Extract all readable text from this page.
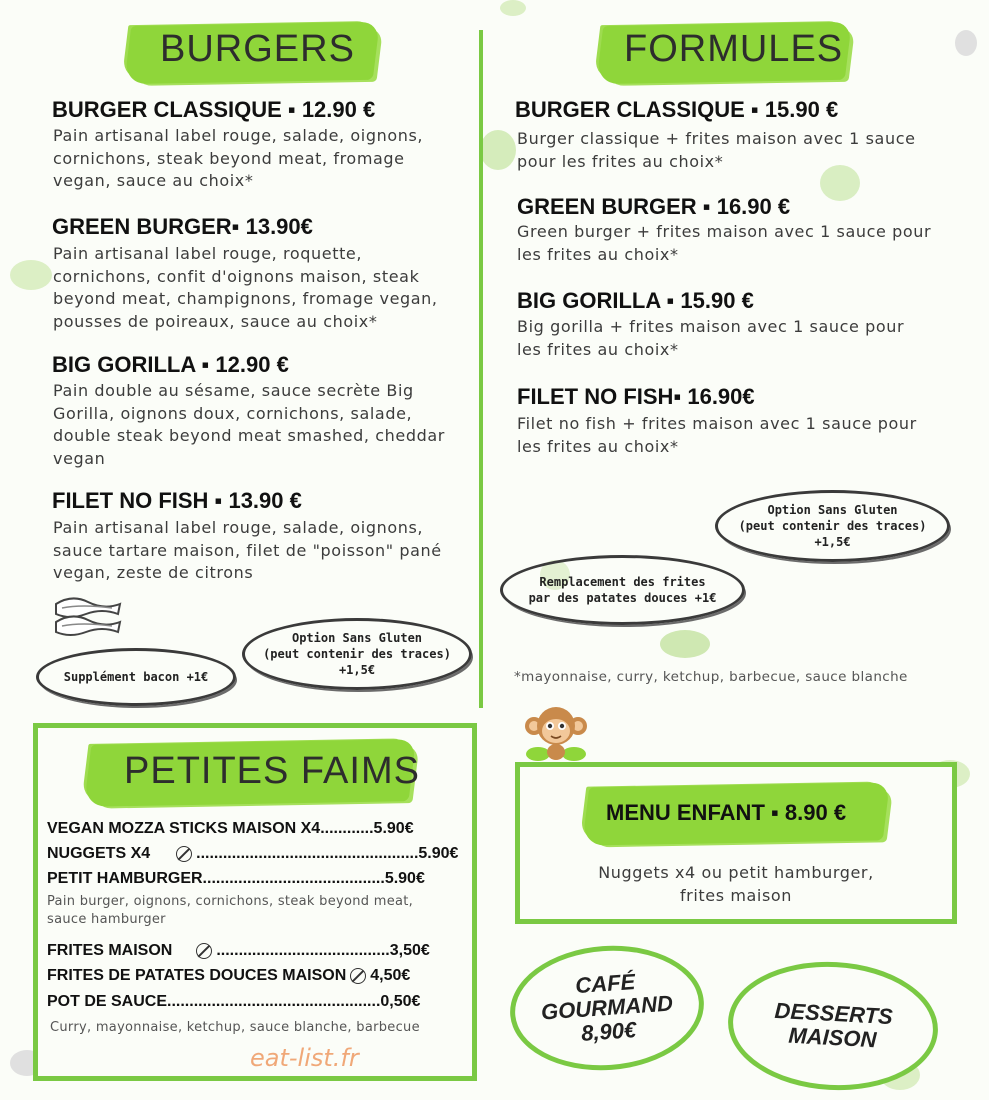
BURGERS
BURGER CLASSIQUE ▪ 12.90 €
Pain artisanal label rouge, salade, oignons,
cornichons, steak beyond meat, fromage
vegan, sauce au choix*
GREEN BURGER▪ 13.90€
Pain artisanal label rouge, roquette,
cornichons, confit d'oignons maison, steak
beyond meat, champignons, fromage vegan,
pousses de poireaux, sauce au choix*
BIG GORILLA ▪ 12.90 €
Pain double au sésame, sauce secrète Big
Gorilla, oignons doux, cornichons, salade,
double steak beyond meat smashed, cheddar
vegan
FILET NO FISH ▪ 13.90 €
Pain artisanal label rouge, salade, oignons,
sauce tartare maison, filet de "poisson" pané
vegan, zeste de citrons
Supplément bacon +1€
Option Sans Gluten
(peut contenir des traces)
+1,5€
FORMULES
BURGER CLASSIQUE ▪ 15.90 €
Burger classique + frites maison avec 1 sauce
pour les frites au choix*
GREEN BURGER ▪ 16.90 €
Green burger + frites maison avec 1 sauce pour
les frites au choix*
BIG GORILLA ▪ 15.90 €
Big gorilla + frites maison avec 1 sauce pour
les frites au choix*
FILET NO FISH▪ 16.90€
Filet no fish + frites maison avec 1 sauce pour
les frites au choix*
Option Sans Gluten
(peut contenir des traces)
+1,5€
Remplacement des frites
par des patates douces +1€
*mayonnaise, curry, ketchup, barbecue, sauce blanche
PETITES FAIMS
VEGAN MOZZA STICKS MAISON X4............ 5.90€
NUGGETS X4	.................................................. 5.90€
PETIT HAMBURGER......................................... 5.90€
Pain burger, oignons, cornichons, steak beyond meat,
sauce hamburger
FRITES MAISON	....................................... 3,50€
FRITES DE PATATES DOUCES MAISON 4,50€
POT DE SAUCE................................................ 0,50€
Curry, mayonnaise, ketchup, sauce blanche, barbecue
eat-list.fr
MENU ENFANT ▪ 8.90 €
Nuggets x4 ou petit hamburger,
frites maison
CAFÉ
GOURMAND
8,90€
DESSERTS
MAISON
